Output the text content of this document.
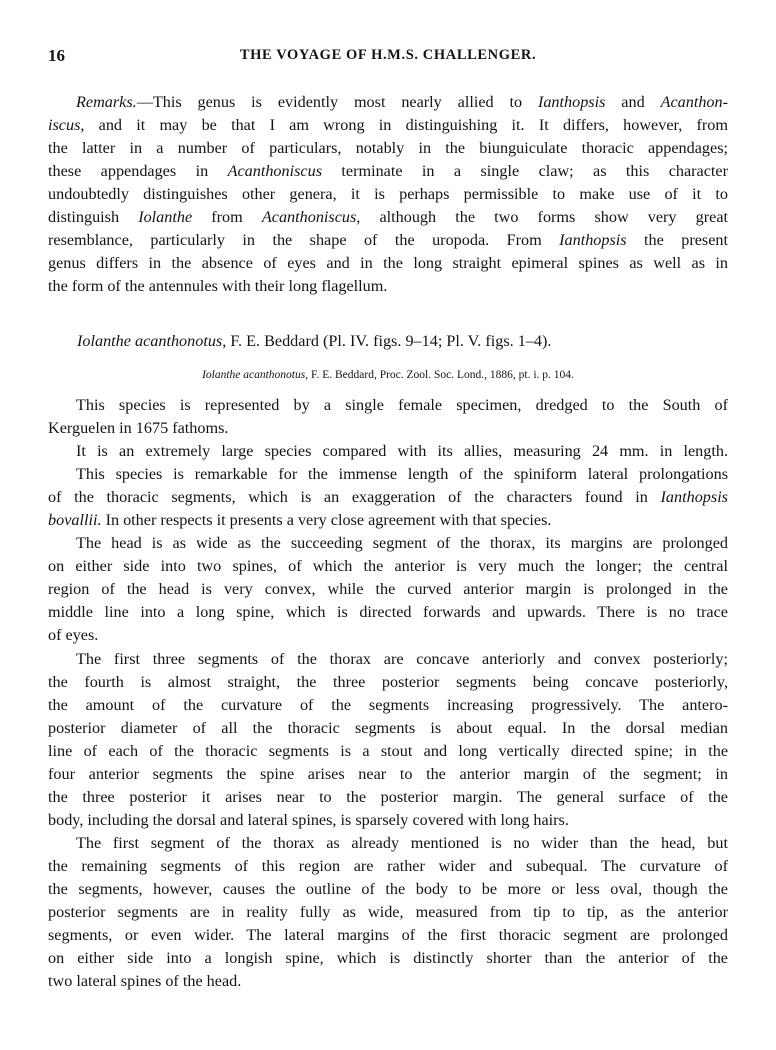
16	THE VOYAGE OF H.M.S. CHALLENGER.
Remarks.—This genus is evidently most nearly allied to Ianthopsis and Acanthon-
iscus, and it may be that I am wrong in distinguishing it. It differs, however, from
the latter in a number of particulars, notably in the biunguiculate thoracic appendages;
these appendages in Acanthoniscus terminate in a single claw; as this character
undoubtedly distinguishes other genera, it is perhaps permissible to make use of it to
distinguish Iolanthe from Acanthoniscus, although the two forms show very great
resemblance, particularly in the shape of the uropoda. From Ianthopsis the present
genus differs in the absence of eyes and in the long straight epimeral spines as well as in
the form of the antennules with their long flagellum.
Iolanthe acanthonotus, F. E. Beddard (Pl. IV. figs. 9–14; Pl. V. figs. 1–4).
Iolanthe acanthonotus, F. E. Beddard, Proc. Zool. Soc. Lond., 1886, pt. i. p. 104.
This species is represented by a single female specimen, dredged to the South of
Kerguelen in 1675 fathoms.
It is an extremely large species compared with its allies, measuring 24 mm. in length.
This species is remarkable for the immense length of the spiniform lateral prolongations
of the thoracic segments, which is an exaggeration of the characters found in Ianthopsis
bovallii. In other respects it presents a very close agreement with that species.
The head is as wide as the succeeding segment of the thorax, its margins are prolonged
on either side into two spines, of which the anterior is very much the longer; the central
region of the head is very convex, while the curved anterior margin is prolonged in the
middle line into a long spine, which is directed forwards and upwards. There is no trace
of eyes.
The first three segments of the thorax are concave anteriorly and convex posteriorly;
the fourth is almost straight, the three posterior segments being concave posteriorly,
the amount of the curvature of the segments increasing progressively. The antero-
posterior diameter of all the thoracic segments is about equal. In the dorsal median
line of each of the thoracic segments is a stout and long vertically directed spine; in the
four anterior segments the spine arises near to the anterior margin of the segment; in
the three posterior it arises near to the posterior margin. The general surface of the
body, including the dorsal and lateral spines, is sparsely covered with long hairs.
The first segment of the thorax as already mentioned is no wider than the head, but
the remaining segments of this region are rather wider and subequal. The curvature of
the segments, however, causes the outline of the body to be more or less oval, though the
posterior segments are in reality fully as wide, measured from tip to tip, as the anterior
segments, or even wider. The lateral margins of the first thoracic segment are prolonged
on either side into a longish spine, which is distinctly shorter than the anterior of the
two lateral spines of the head.
